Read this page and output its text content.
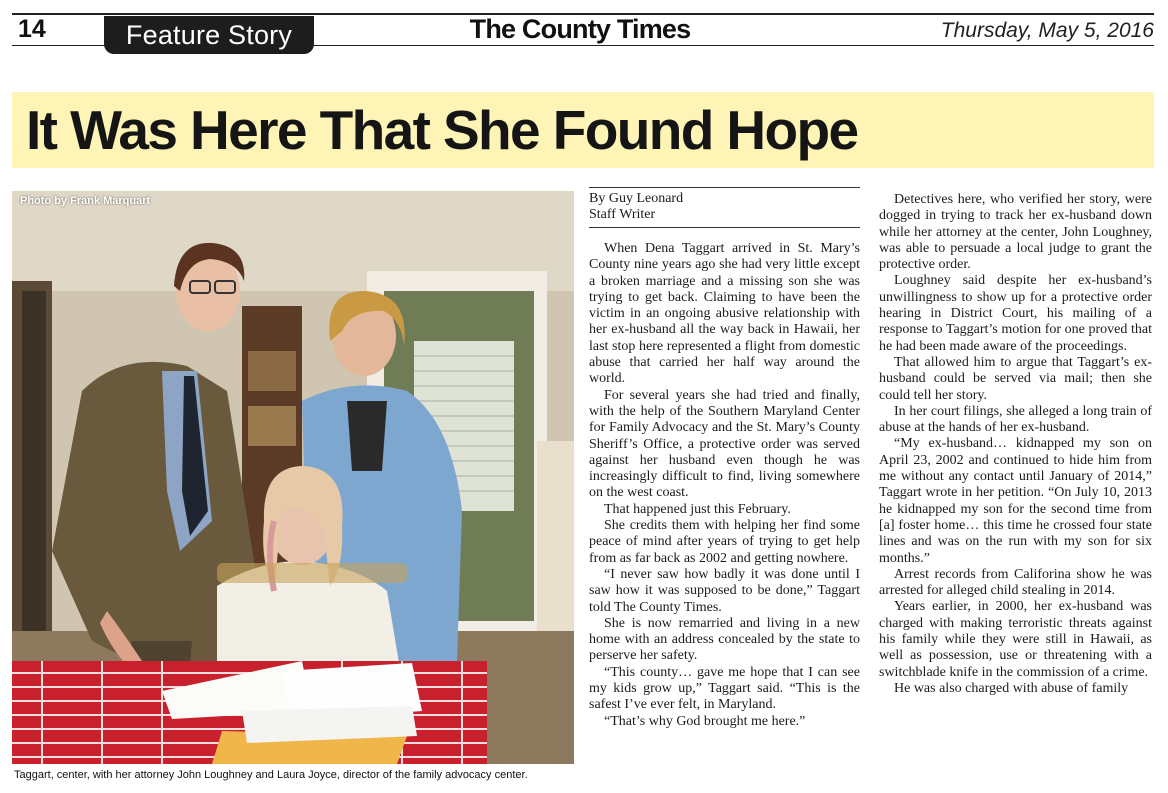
14	Feature Story	The County Times	Thursday, May 5, 2016
It Was Here That She Found Hope
Photo by Frank Marquart
Taggart, center, with her attorney John Loughney and Laura Joyce, director of the family advocacy center.
By Guy Leonard
Staff Writer

When Dena Taggart arrived in St. Mary’s County nine years ago she had very little except a broken marriage and a missing son she was trying to get back. Claiming to have been the victim in an ongoing abusive relationship with her ex-husband all the way back in Hawaii, her last stop here represented a flight from domestic abuse that carried her half way around the world.

For several years she had tried and finally, with the help of the Southern Maryland Center for Family Advocacy and the St. Mary’s County Sheriff’s Office, a protective order was served against her husband even though he was increasingly difficult to find, living somewhere on the west coast.

That happened just this February.

She credits them with helping her find some peace of mind after years of trying to get help from as far back as 2002 and getting nowhere.

“I never saw how badly it was done until I saw how it was supposed to be done,” Taggart told The County Times.

She is now remarried and living in a new home with an address concealed by the state to perserve her safety.

“This county… gave me hope that I can see my kids grow up,” Taggart said. “This is the safest I’ve ever felt, in Maryland.

“That’s why God brought me here.”

Detectives here, who verified her story, were dogged in trying to track her ex-husband down while her attorney at the center, John Loughney, was able to persuade a local judge to grant the protective order.

Loughney said despite her ex-husband’s unwillingness to show up for a protective order hearing in District Court, his mailing of a response to Taggart’s motion for one proved that he had been made aware of the proceedings.

That allowed him to argue that Taggart’s ex-husband could be served via mail; then she could tell her story.

In her court filings, she alleged a long train of abuse at the hands of her ex-husband.

“My ex-husband… kidnapped my son on April 23, 2002 and continued to hide him from me without any contact until January of 2014,” Taggart wrote in her petition. “On July 10, 2013 he kidnapped my son for the second time from [a] foster home… this time he crossed four state lines and was on the run with my son for six months.”

Arrest records from Califorina show he was arrested for alleged child stealing in 2014.

Years earlier, in 2000, her ex-husband was charged with making terroristic threats against his family while they were still in Hawaii, as well as possession, use or threatening with a switchblade knife in the commission of a crime.

He was also charged with abuse of family
